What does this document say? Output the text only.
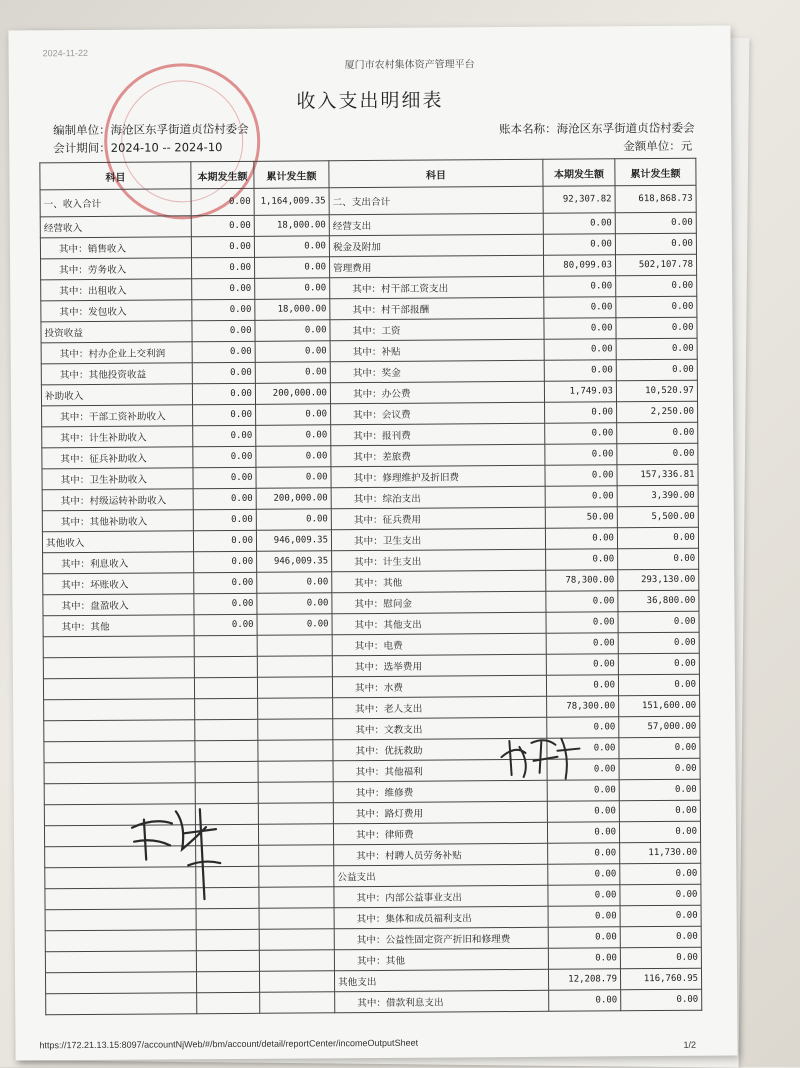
2024-11-22
厦门市农村集体资产管理平台
收入支出明细表
编制单位：海沧区东孚街道贞岱村委会
会计期间：2024-10 -- 2024-10
账本名称：海沧区东孚街道贞岱村委会
金额单位：元
科目	本期发生额	累计发生额	科目	本期发生额	累计发生额
一、收入合计	0.00	1,164,009.35	二、支出合计	92,307.82	618,868.73
经营收入	0.00	18,000.00	经营支出	0.00	0.00
其中：销售收入	0.00	0.00	税金及附加	0.00	0.00
其中：劳务收入	0.00	0.00	管理费用	80,099.03	502,107.78
其中：出租收入	0.00	0.00	其中：村干部工资支出	0.00	0.00
其中：发包收入	0.00	18,000.00	其中：村干部报酬	0.00	0.00
投资收益	0.00	0.00	其中：工资	0.00	0.00
其中：村办企业上交利润	0.00	0.00	其中：补贴	0.00	0.00
其中：其他投资收益	0.00	0.00	其中：奖金	0.00	0.00
补助收入	0.00	200,000.00	其中：办公费	1,749.03	10,520.97
其中：干部工资补助收入	0.00	0.00	其中：会议费	0.00	2,250.00
其中：计生补助收入	0.00	0.00	其中：报刊费	0.00	0.00
其中：征兵补助收入	0.00	0.00	其中：差旅费	0.00	0.00
其中：卫生补助收入	0.00	0.00	其中：修理维护及折旧费	0.00	157,336.81
其中：村级运转补助收入	0.00	200,000.00	其中：综治支出	0.00	3,390.00
其中：其他补助收入	0.00	0.00	其中：征兵费用	50.00	5,500.00
其他收入	0.00	946,009.35	其中：卫生支出	0.00	0.00
其中：利息收入	0.00	946,009.35	其中：计生支出	0.00	0.00
其中：坏账收入	0.00	0.00	其中：其他	78,300.00	293,130.00
其中：盘盈收入	0.00	0.00	其中：慰问金	0.00	36,800.00
其中：其他	0.00	0.00	其中：其他支出	0.00	0.00
			其中：电费	0.00	0.00
			其中：选举费用	0.00	0.00
			其中：水费	0.00	0.00
			其中：老人支出	78,300.00	151,600.00
			其中：文教支出	0.00	57,000.00
			其中：优抚救助	0.00	0.00
			其中：其他福利	0.00	0.00
			其中：维修费	0.00	0.00
			其中：路灯费用	0.00	0.00
			其中：律师费	0.00	0.00
			其中：村聘人员劳务补贴	0.00	11,730.00
			公益支出	0.00	0.00
			其中：内部公益事业支出	0.00	0.00
			其中：集体和成员福利支出	0.00	0.00
			其中：公益性固定资产折旧和修理费	0.00	0.00
			其中：其他	0.00	0.00
			其他支出	12,208.79	116,760.95
			其中：借款利息支出	0.00	0.00
https://172.21.13.15:8097/accountNjWeb/#/bm/account/detail/reportCenter/incomeOutputSheet	1/2
